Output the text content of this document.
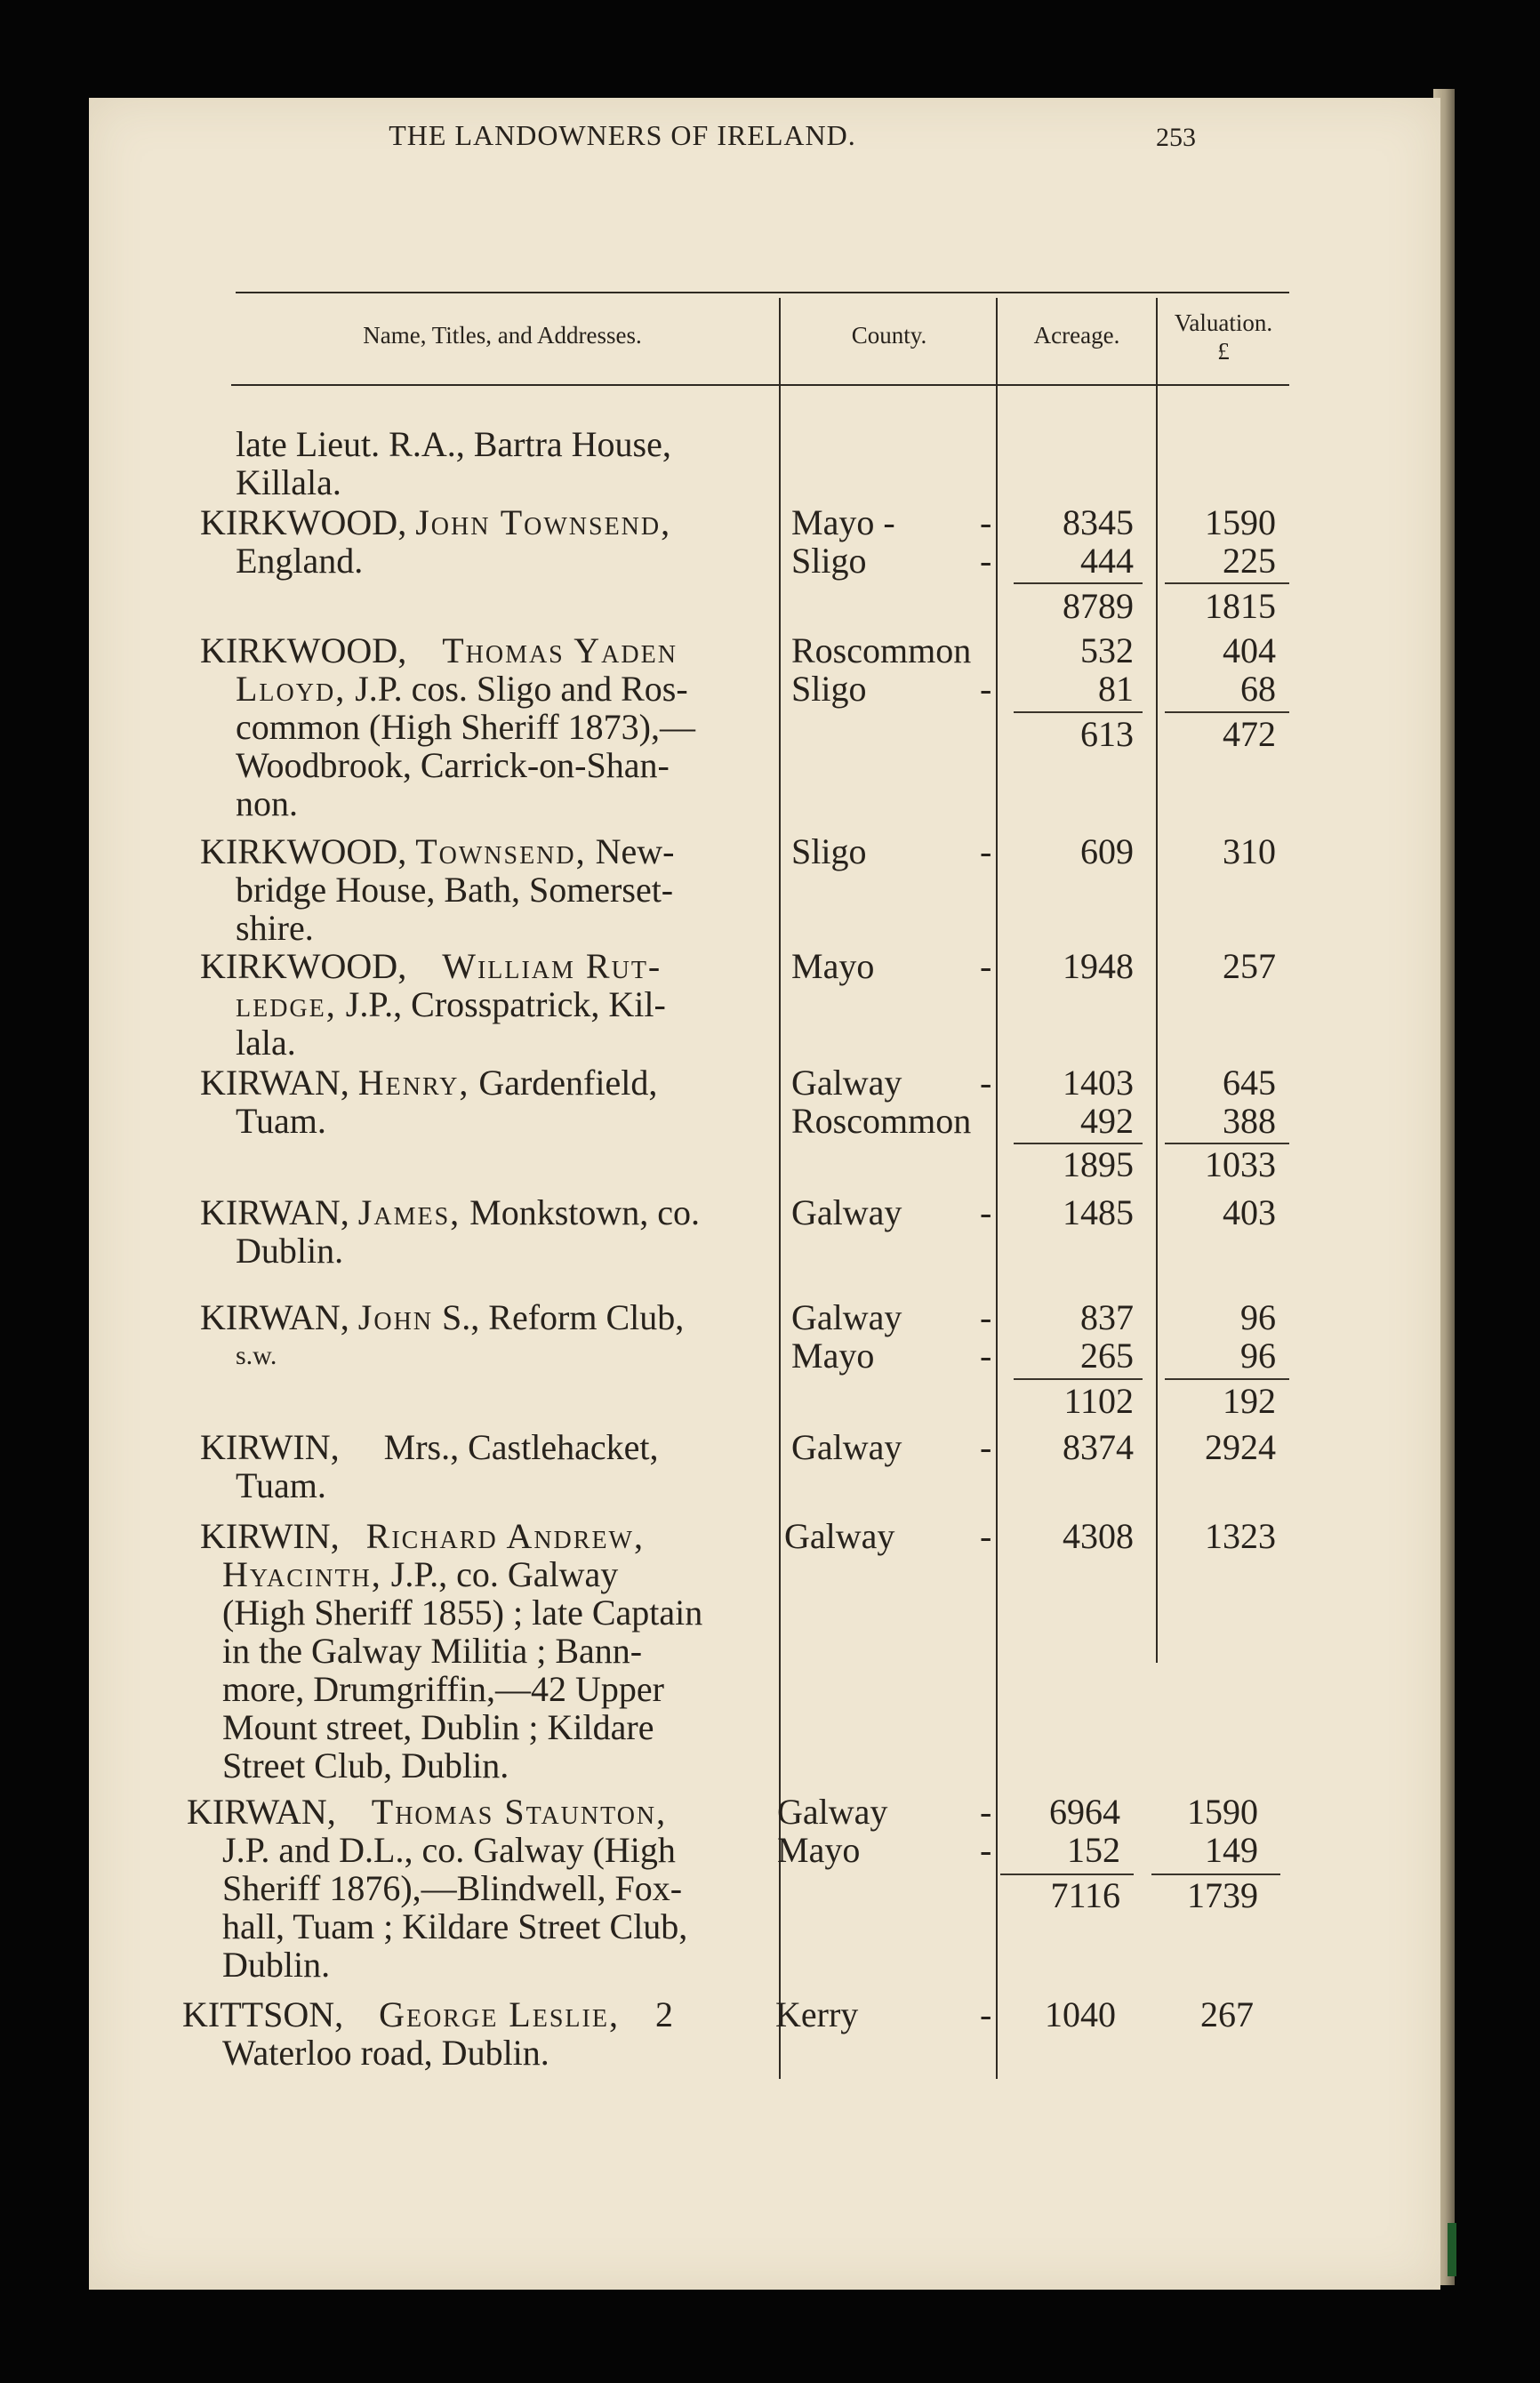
THE LANDOWNERS OF IRELAND.	253
Name, Titles, and Addresses.	County.	Acreage.	Valuation.
£
late Lieut. R.A., Bartra House,
Killala.
KIRKWOOD, John Townsend,
England.
Mayo - -	8345	1590
Sligo	-	444	225
8789	1815
KIRKWOOD, Thomas Yaden
Lloyd, J.P. cos. Sligo and Ros-
common (High Sheriff 1873),—
Woodbrook, Carrick-on-Shan-
non.
Roscommon	532	404
Sligo	-	81	68
613	472
KIRKWOOD, Townsend, New-
bridge House, Bath, Somerset-
shire.
Sligo	-	609	310
KIRKWOOD, William Rut-
ledge, J.P., Crosspatrick, Kil-
lala.
Mayo	-	1948	257
KIRWAN, Henry, Gardenfield,
Tuam.
Galway -	1403	645
Roscommon	492	388
1895	1033
KIRWAN, James, Monkstown, co.
Dublin.
Galway -	1485	403
KIRWAN, John S., Reform Club,
s.w.
Galway -	837	96
Mayo	-	265	96
1102	192
KIRWIN, Mrs., Castlehacket,
Tuam.
Galway -	8374	2924
KIRWIN, Richard Andrew,
Hyacinth, J.P., co. Galway
(High Sheriff 1855) ; late Captain
in the Galway Militia ; Bann-
more, Drumgriffin,—42 Upper
Mount street, Dublin ; Kildare
Street Club, Dublin.
Galway -	4308	1323
KIRWAN, Thomas Staunton,
J.P. and D.L., co. Galway (High
Sheriff 1876),—Blindwell, Fox-
hall, Tuam ; Kildare Street Club,
Dublin.
Galway	-	6964	1590
Mayo	-	152	149
7116	1739
KITTSON, George Leslie, 2
Waterloo road, Dublin.
Kerry	-	1040	267
